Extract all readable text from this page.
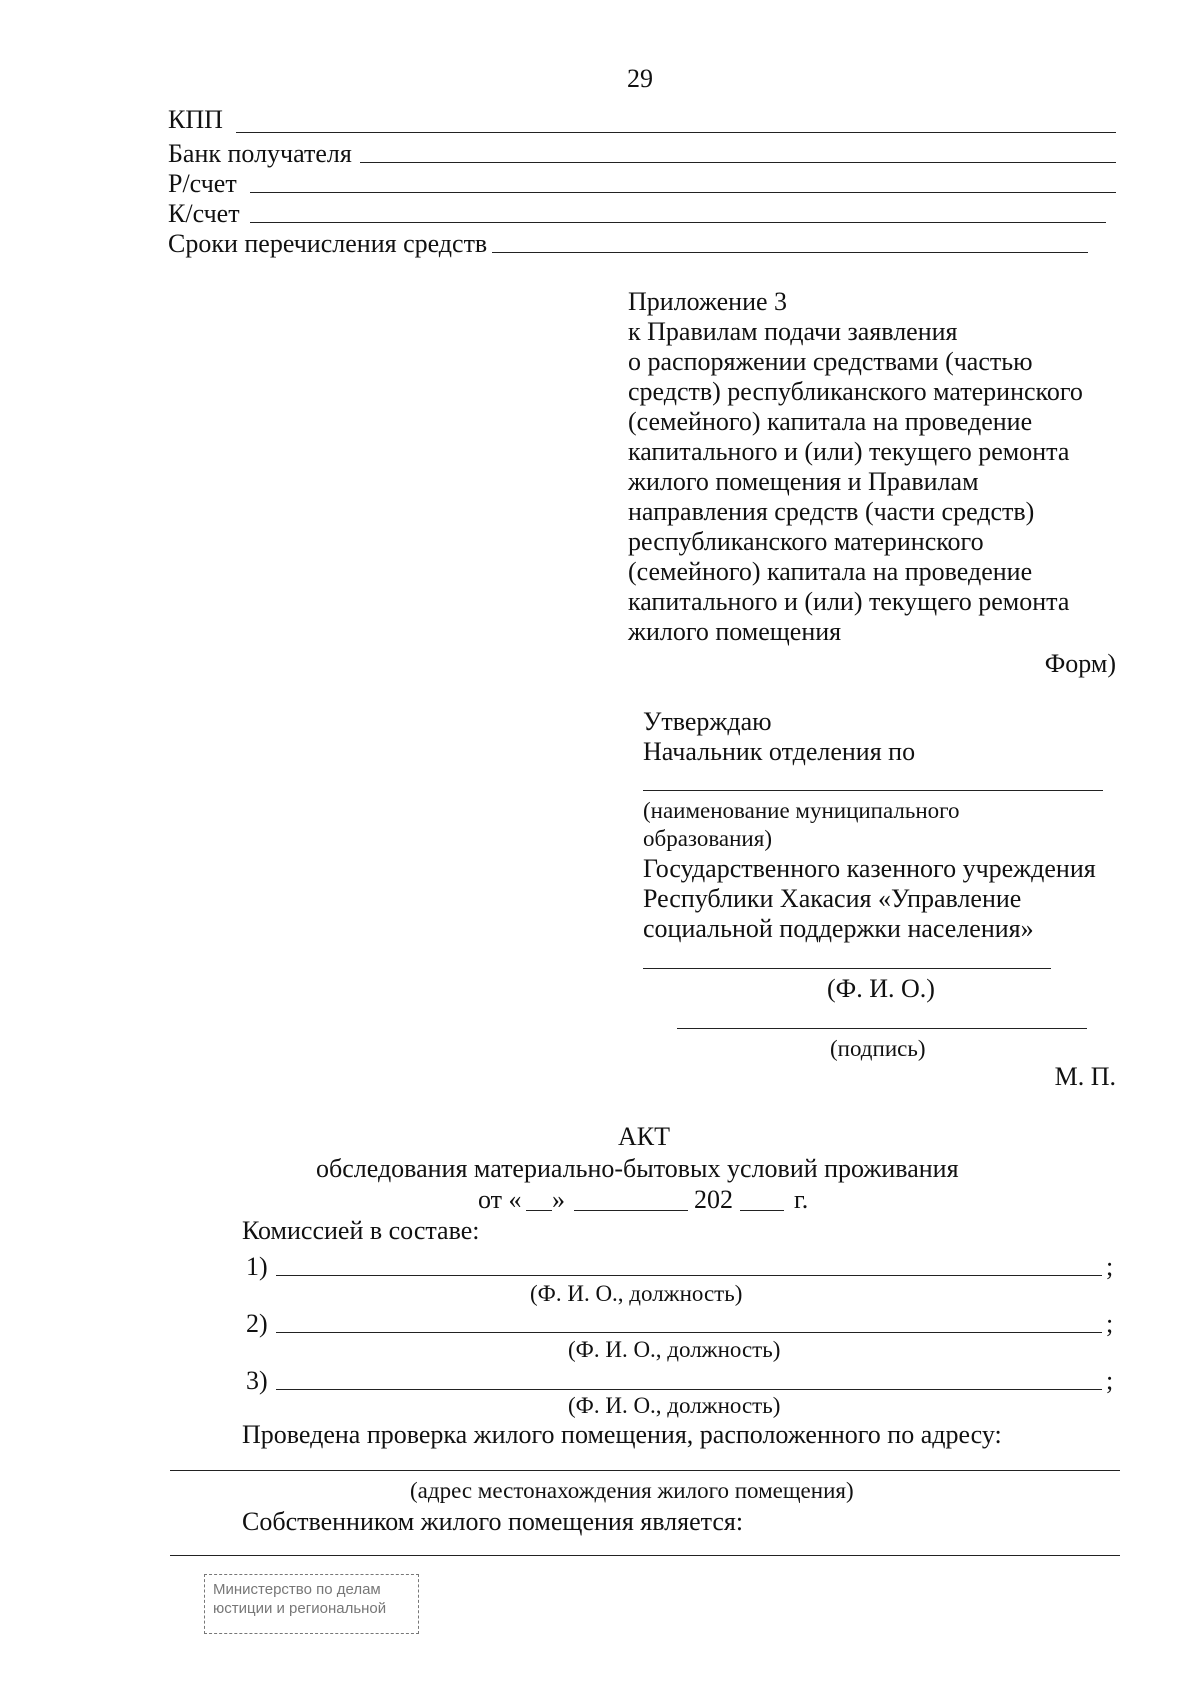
29
КПП
Банк получателя
Р/счет
К/счет
Сроки перечисления средств
Приложение 3
к Правилам подачи заявления
о распоряжении средствами (частью
средств) республиканского материнского
(семейного) капитала на проведение
капитального и (или) текущего ремонта
жилого помещения и Правилам
направления средств (части средств)
республиканского материнского
(семейного) капитала на проведение
капитального и (или) текущего ремонта
жилого помещения
Форм)
Утверждаю
Начальник отделения по
(наименование муниципального
образования)
Государственного казенного учреждения
Республики Хакасия «Управление
социальной поддержки населения»
(Ф. И. О.)
(подпись)
М. П.
АКТ
обследования материально-бытовых условий проживания
от « »	202 г.
Комиссией в составе:
1)	;
(Ф. И. О., должность)
2)	;
(Ф. И. О., должность)
3)	;
(Ф. И. О., должность)
Проведена проверка жилого помещения, расположенного по адресу:
(адрес местонахождения жилого помещения)
Собственником жилого помещения является:
Министерство по делам
юстиции и региональной
